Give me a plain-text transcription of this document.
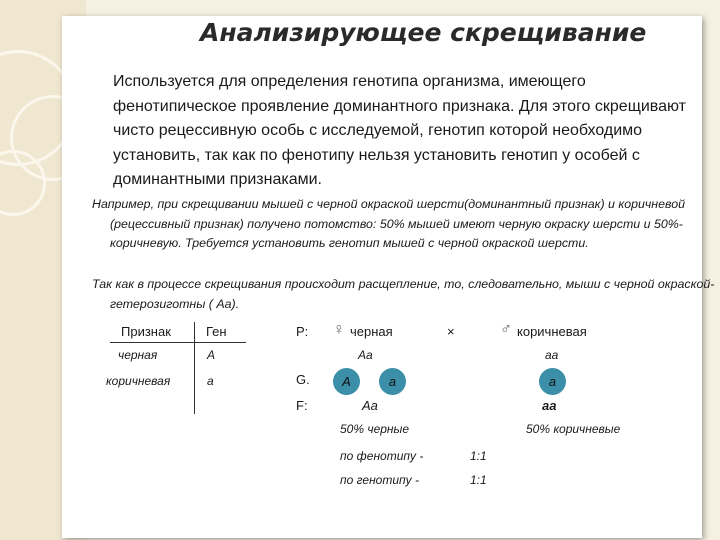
Анализирующее скрещивание

Используется для определения генотипа организма, имеющего фенотипическое проявление доминантного признака. Для этого скрещивают чисто рецессивную особь с исследуемой, генотип которой необходимо установить, так как по фенотипу нельзя установить генотип у особей с доминантными признаками.

Например, при скрещивании мышей с черной окраской шерсти(доминантный признак) и коричневой (рецессивный признак) получено потомство: 50% мышей имеют черную окраску шерсти и 50%- коричневую. Требуется установить генотип мышей с черной окраской шерсти.

Так как в процессе скрещивания происходит расщепление, то, следовательно, мыши с черной окраской- гетерозиготны ( Аа).

Признак	Ген
черная	А
коричневая	а
P: ♀ черная	×	♂ коричневая
Аа	аа
G.	А	а	а
F:	Аа	аа
50% черные	50% коричневые
по фенотипу -	1:1
по генотипу -	1:1
